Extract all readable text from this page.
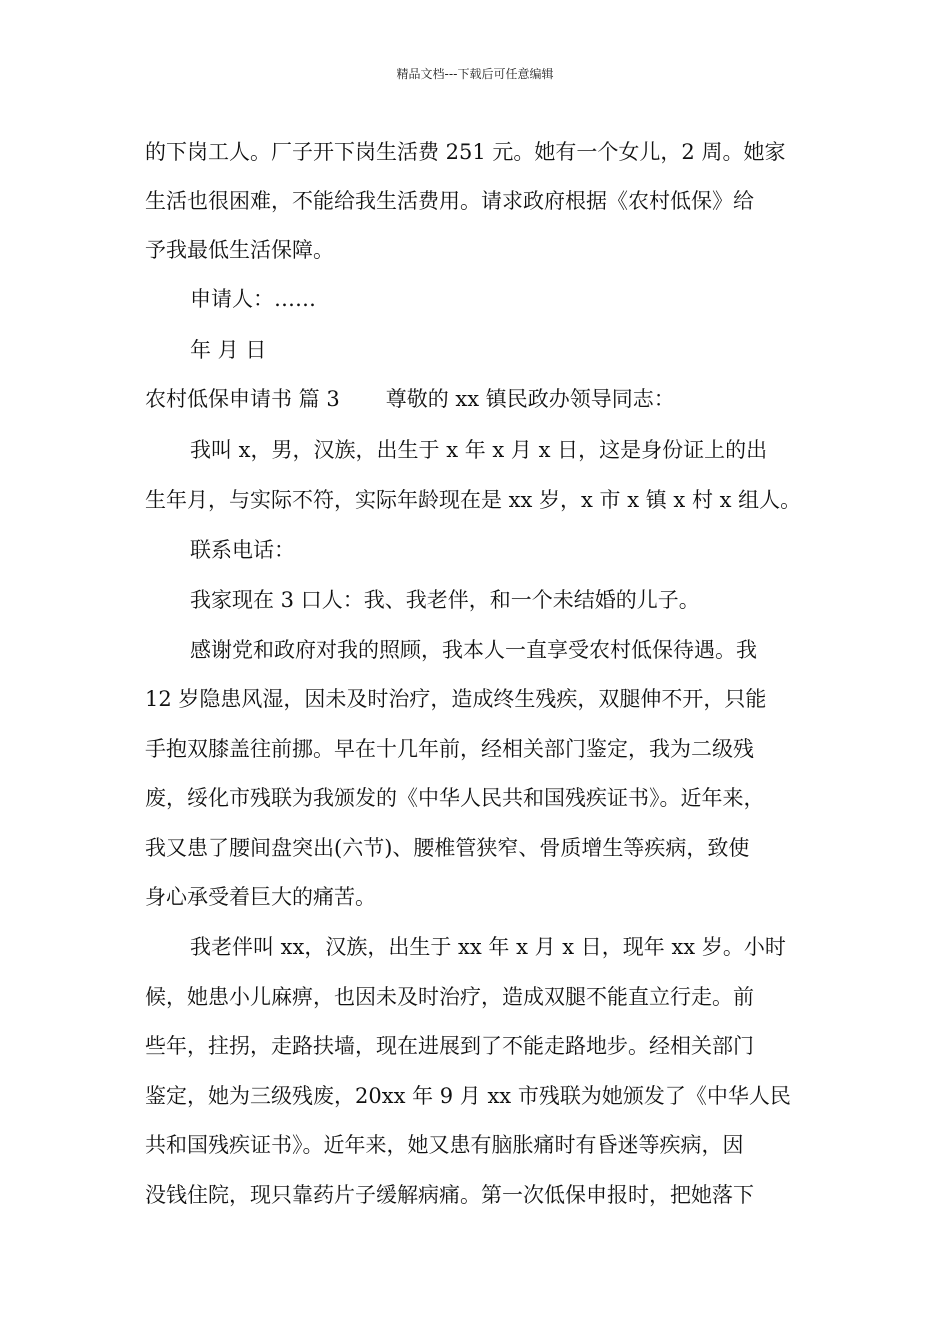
精品文档---下载后可任意编辑
的下岗工人。厂子开下岗生活费 251 元。她有一个女儿，2 周。她家
生活也很困难，不能给我生活费用。请求政府根据《农村低保》给
予我最低生活保障。
申请人：……
年 月 日
农村低保申请书 篇 3 尊敬的 xx 镇民政办领导同志：
我叫 x，男，汉族，出生于 x 年 x 月 x 日，这是身份证上的出
生年月，与实际不符，实际年龄现在是 xx 岁，x 市 x 镇 x 村 x 组人。
联系电话：
我家现在 3 口人：我、我老伴，和一个未结婚的儿子。
感谢党和政府对我的照顾，我本人一直享受农村低保待遇。我
12 岁隐患风湿，因未及时治疗，造成终生残疾，双腿伸不开，只能
手抱双膝盖往前挪。早在十几年前，经相关部门鉴定，我为二级残
废，绥化市残联为我颁发的《中华人民共和国残疾证书》。近年来，
我又患了腰间盘突出(六节)、腰椎管狭窄、骨质增生等疾病，致使
身心承受着巨大的痛苦。
我老伴叫 xx，汉族，出生于 xx 年 x 月 x 日，现年 xx 岁。小时
候，她患小儿麻痹，也因未及时治疗，造成双腿不能直立行走。前
些年，拄拐，走路扶墙，现在进展到了不能走路地步。经相关部门
鉴定，她为三级残废，20xx 年 9 月 xx 市残联为她颁发了《中华人民
共和国残疾证书》。近年来，她又患有脑胀痛时有昏迷等疾病，因
没钱住院，现只靠药片子缓解病痛。第一次低保申报时，把她落下
